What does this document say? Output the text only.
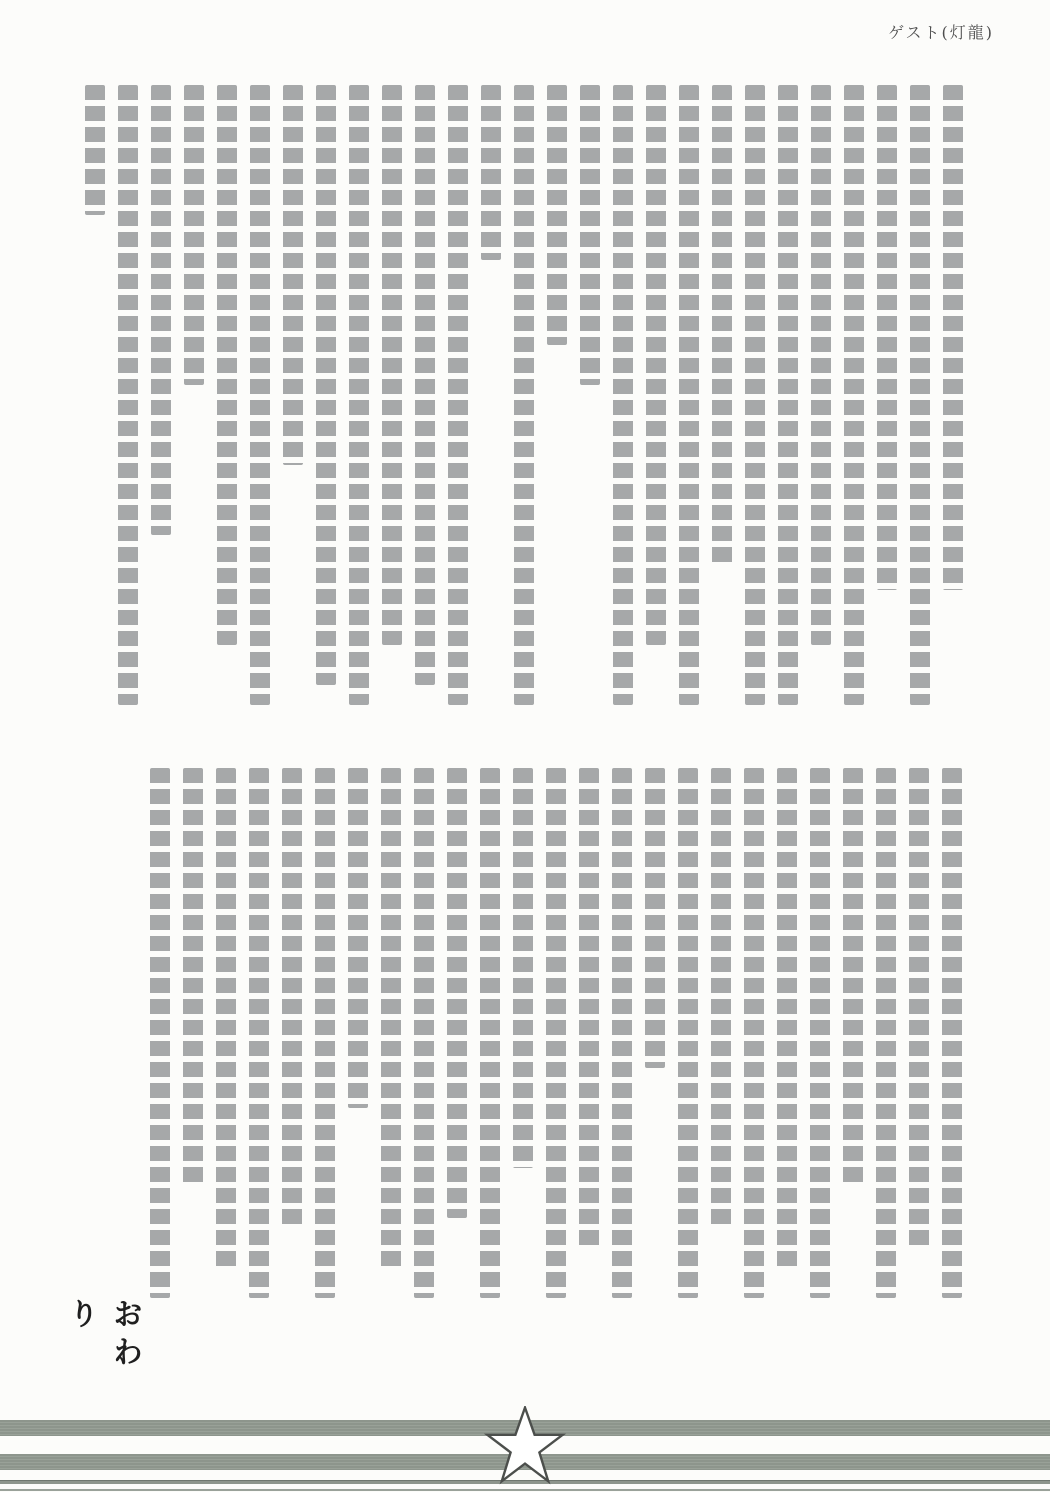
ゲスト(灯龍)
おわり
